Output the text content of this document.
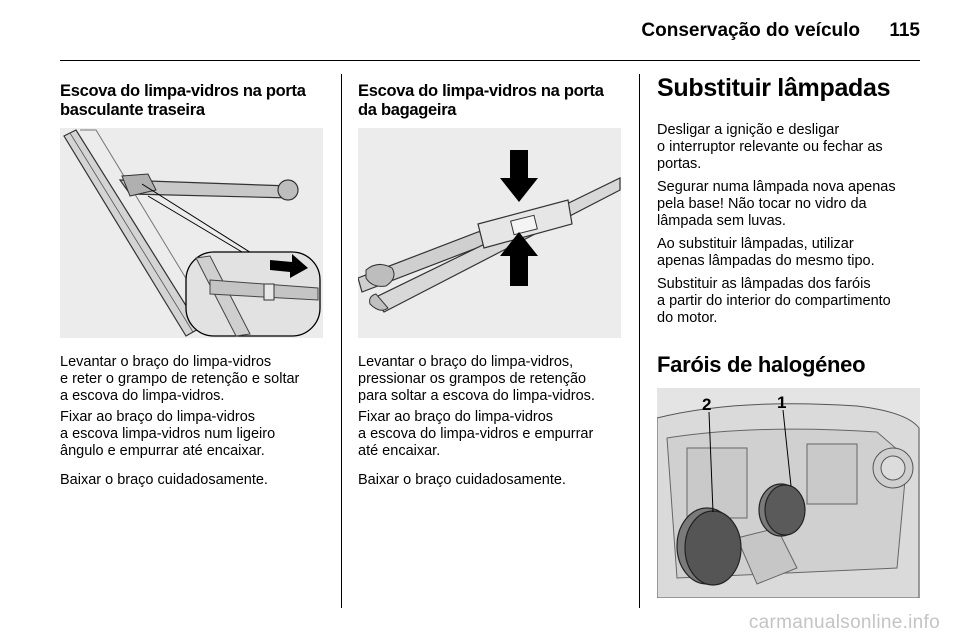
Conservação do veículo	115
Escova do limpa-vidros na porta
basculante traseira
Levantar o braço do limpa-vidros
e reter o grampo de retenção e soltar
a escova do limpa-vidros.
Fixar ao braço do limpa-vidros
a escova limpa-vidros num ligeiro
ângulo e empurrar até encaixar.
Baixar o braço cuidadosamente.
Escova do limpa-vidros na porta
da bagageira
Levantar o braço do limpa-vidros,
pressionar os grampos de retenção
para soltar a escova do limpa-vidros.
Fixar ao braço do limpa-vidros
a escova do limpa-vidros e empurrar
até encaixar.
Baixar o braço cuidadosamente.
Substituir lâmpadas
Desligar a ignição e desligar
o interruptor relevante ou fechar as
portas.
Segurar numa lâmpada nova apenas
pela base! Não tocar no vidro da
lâmpada sem luvas.
Ao substituir lâmpadas, utilizar
apenas lâmpadas do mesmo tipo.
Substituir as lâmpadas dos faróis
a partir do interior do compartimento
do motor.
Faróis de halogéneo
2	1
carmanualsonline.info
